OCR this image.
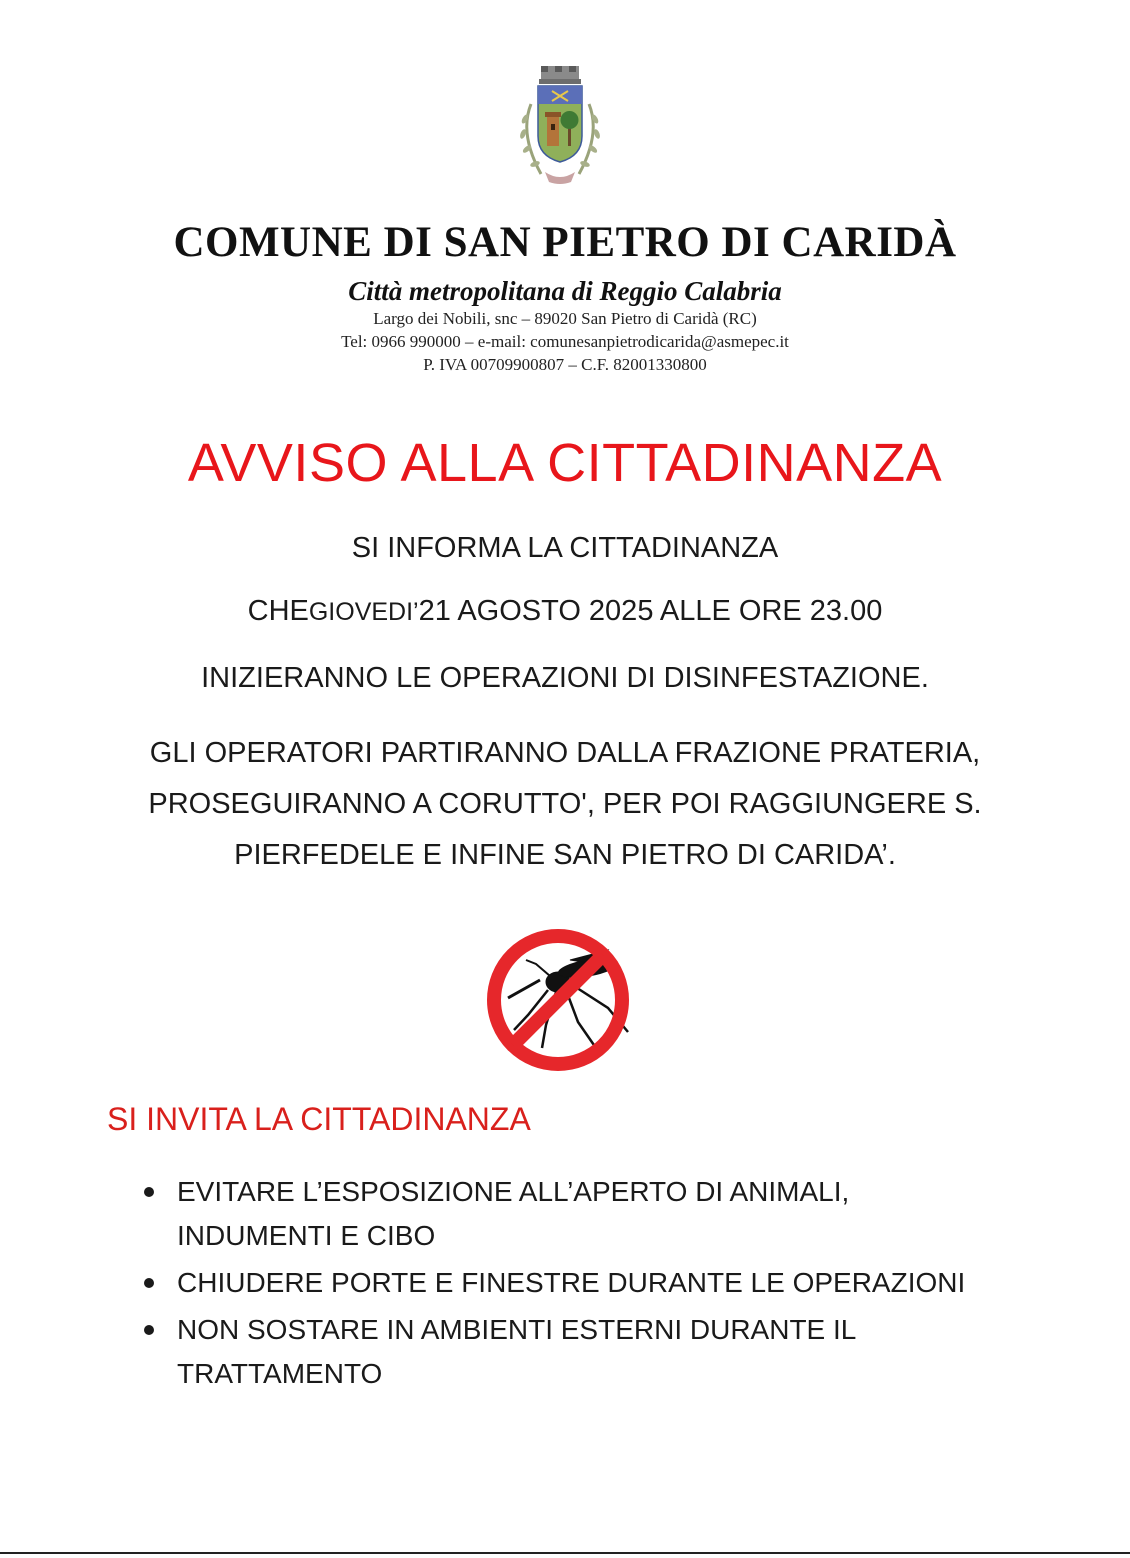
COMUNE DI SAN PIETRO DI CARIDÀ
Città metropolitana di Reggio Calabria
Largo dei Nobili, snc – 89020 San Pietro di Caridà (RC)
Tel: 0966 990000 – e-mail: comunesanpietrodicarida@asmepec.it
P. IVA 00709900807 – C.F. 82001330800
AVVISO ALLA CITTADINANZA
SI INFORMA LA CITTADINANZA
CHEGIOVEDI’21 AGOSTO 2025 ALLE ORE 23.00
INIZIERANNO LE OPERAZIONI DI DISINFESTAZIONE.
GLI OPERATORI PARTIRANNO DALLA FRAZIONE PRATERIA,
PROSEGUIRANNO A CORUTTO', PER POI RAGGIUNGERE S.
PIERFEDELE E INFINE SAN PIETRO DI CARIDA’.
SI INVITA LA CITTADINANZA
EVITARE L’ESPOSIZIONE ALL’APERTO DI ANIMALI,
INDUMENTI E CIBO
CHIUDERE PORTE E FINESTRE DURANTE LE OPERAZIONI
NON SOSTARE IN AMBIENTI ESTERNI DURANTE IL
TRATTAMENTO
